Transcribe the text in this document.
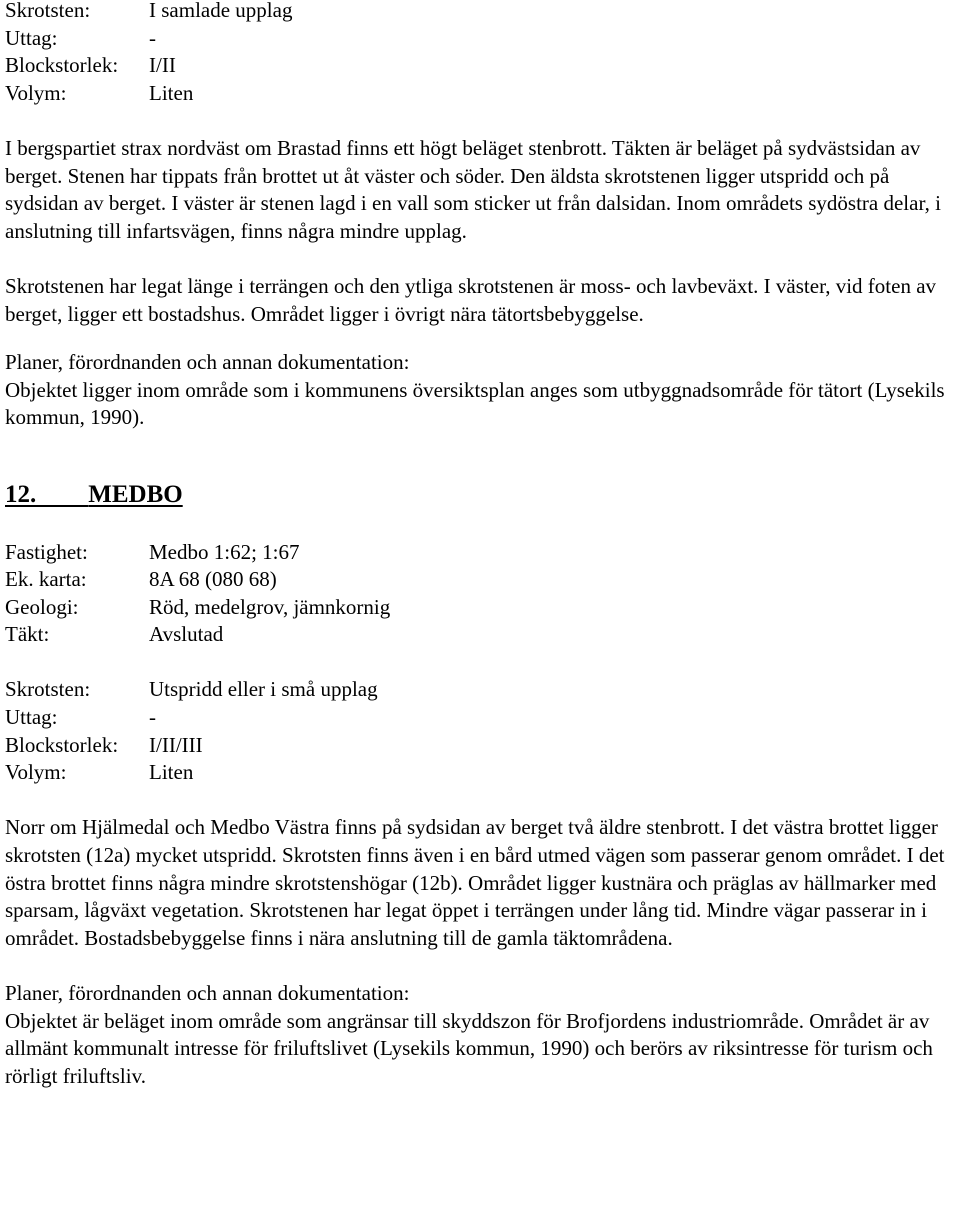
Skrotsten:	I samlade upplag
Uttag:	-
Blockstorlek:	I/II
Volym:	Liten

I bergspartiet strax nordväst om Brastad finns ett högt beläget stenbrott. Täkten är beläget på sydvästsidan av berget. Stenen har tippats från brottet ut åt väster och söder. Den äldsta skrotstenen ligger utspridd och på sydsidan av berget. I väster är stenen lagd i en vall som sticker ut från dalsidan. Inom områdets sydöstra delar, i anslutning till infartsvägen, finns några mindre upplag.

Skrotstenen har legat länge i terrängen och den ytliga skrotstenen är moss- och lavbeväxt. I väster, vid foten av berget, ligger ett bostadshus. Området ligger i övrigt nära tätortsbebyggelse.

Planer, förordnanden och annan dokumentation:

Objektet ligger inom område som i kommunens översiktsplan anges som utbyggnadsområde för tätort (Lysekils kommun, 1990).

12. MEDBO
Fastighet:	Medbo 1:62; 1:67
Ek. karta:	8A 68 (080 68)
Geologi:	Röd, medelgrov, jämnkornig
Täkt:	Avslutad
Skrotsten:	Utspridd eller i små upplag
Uttag:	-
Blockstorlek:	I/II/III
Volym:	Liten

Norr om Hjälmedal och Medbo Västra finns på sydsidan av berget två äldre stenbrott. I det västra brottet ligger skrotsten (12a) mycket utspridd. Skrotsten finns även i en bård utmed vägen som passerar genom området. I det östra brottet finns några mindre skrotstenshögar (12b). Området ligger kustnära och präglas av hällmarker med sparsam, lågväxt vegetation. Skrotstenen har legat öppet i terrängen under lång tid. Mindre vägar passerar in i området. Bostadsbebyggelse finns i nära anslutning till de gamla täktområdena.

Planer, förordnanden och annan dokumentation:

Objektet är beläget inom område som angränsar till skyddszon för Brofjordens industriområde. Området är av allmänt kommunalt intresse för friluftslivet (Lysekils kommun, 1990) och berörs av riksintresse för turism och rörligt friluftsliv.
